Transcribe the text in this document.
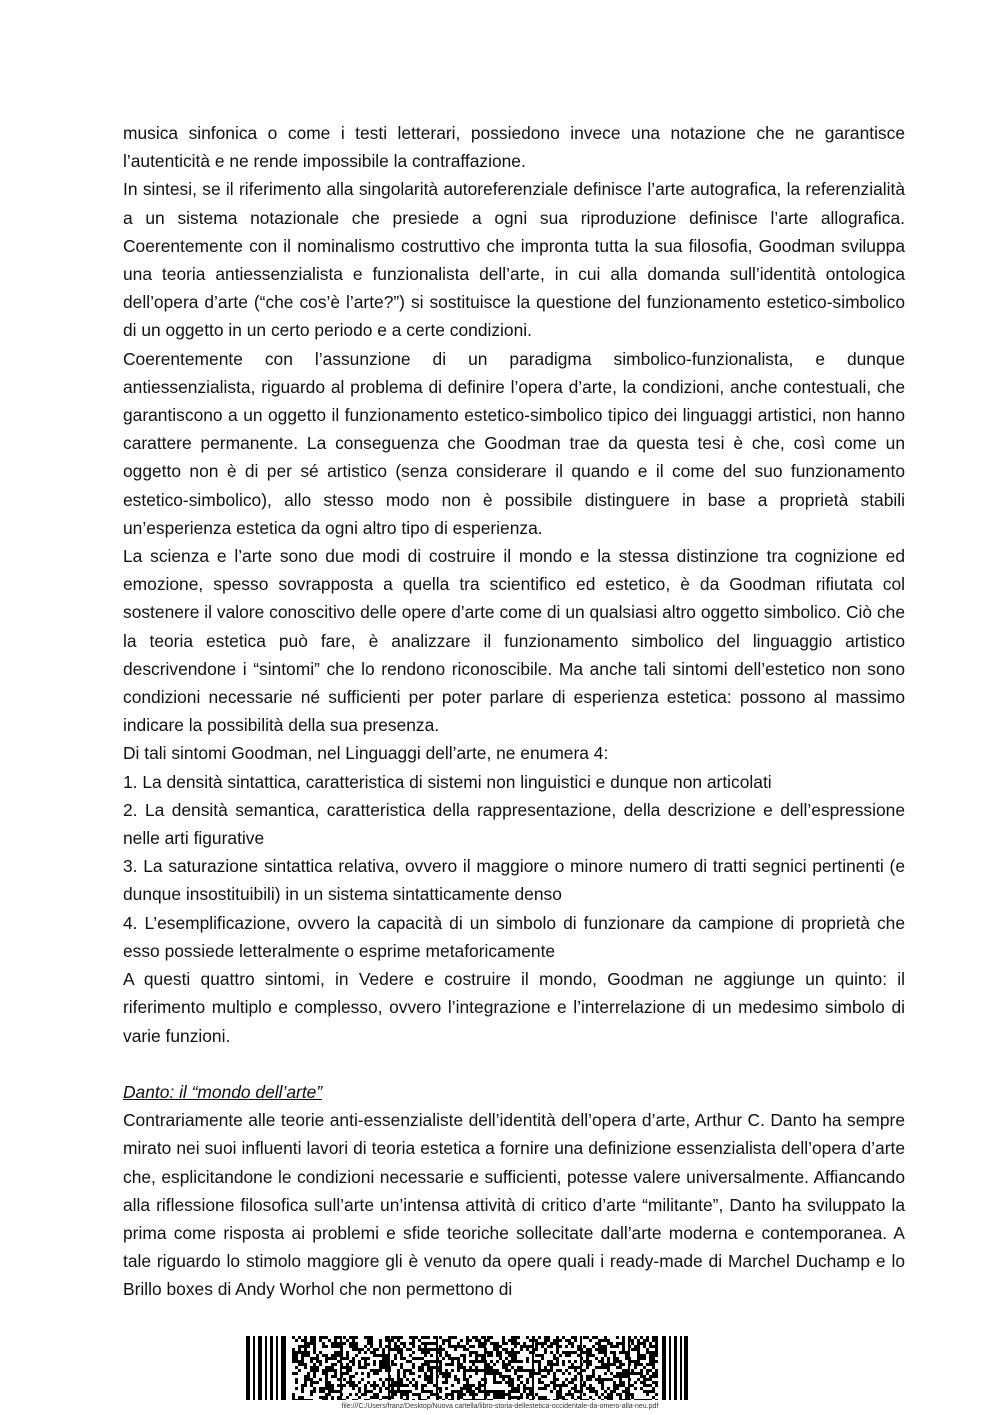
musica sinfonica o come i testi letterari, possiedono invece una notazione che ne garantisce l’autenticità e ne rende impossibile la contraffazione.

In sintesi, se il riferimento alla singolarità autoreferenziale definisce l’arte autografica, la referenzialità a un sistema notazionale che presiede a ogni sua riproduzione definisce l’arte allografica. Coerentemente con il nominalismo costruttivo che impronta tutta la sua filosofia, Goodman sviluppa una teoria antiessenzialista e funzionalista dell’arte, in cui alla domanda sull’identità ontologica dell’opera d’arte (“che cos’è l’arte?”) si sostituisce la questione del funzionamento estetico-simbolico di un oggetto in un certo periodo e a certe condizioni.

Coerentemente con l’assunzione di un paradigma simbolico-funzionalista, e dunque antiessenzialista, riguardo al problema di definire l’opera d’arte, la condizioni, anche contestuali, che garantiscono a un oggetto il funzionamento estetico-simbolico tipico dei linguaggi artistici, non hanno carattere permanente. La conseguenza che Goodman trae da questa tesi è che, così come un oggetto non è di per sé artistico (senza considerare il quando e il come del suo funzionamento estetico-simbolico), allo stesso modo non è possibile distinguere in base a proprietà stabili un’esperienza estetica da ogni altro tipo di esperienza.

La scienza e l’arte sono due modi di costruire il mondo e la stessa distinzione tra cognizione ed emozione, spesso sovrapposta a quella tra scientifico ed estetico, è da Goodman rifiutata col sostenere il valore conoscitivo delle opere d’arte come di un qualsiasi altro oggetto simbolico. Ciò che la teoria estetica può fare, è analizzare il funzionamento simbolico del linguaggio artistico descrivendone i “sintomi” che lo rendono riconoscibile. Ma anche tali sintomi dell’estetico non sono condizioni necessarie né sufficienti per poter parlare di esperienza estetica: possono al massimo indicare la possibilità della sua presenza.

Di tali sintomi Goodman, nel Linguaggi dell’arte, ne enumera 4:

1. La densità sintattica, caratteristica di sistemi non linguistici e dunque non articolati

2. La densità semantica, caratteristica della rappresentazione, della descrizione e dell’espressione nelle arti figurative

3. La saturazione sintattica relativa, ovvero il maggiore o minore numero di tratti segnici pertinenti (e dunque insostituibili) in un sistema sintatticamente denso

4. L’esemplificazione, ovvero la capacità di un simbolo di funzionare da campione di proprietà che esso possiede letteralmente o esprime metaforicamente

A questi quattro sintomi, in Vedere e costruire il mondo, Goodman ne aggiunge un quinto: il riferimento multiplo e complesso, ovvero l’integrazione e l’interrelazione di un medesimo simbolo di varie funzioni.

Danto: il “mondo dell’arte”

Contrariamente alle teorie anti-essenzialiste dell’identità dell’opera d’arte, Arthur C. Danto ha sempre mirato nei suoi influenti lavori di teoria estetica a fornire una definizione essenzialista dell’opera d’arte che, esplicitandone le condizioni necessarie e sufficienti, potesse valere universalmente. Affiancando alla riflessione filosofica sull’arte un’intensa attività di critico d’arte “militante”, Danto ha sviluppato la prima come risposta ai problemi e sfide teoriche sollecitate dall’arte moderna e contemporanea. A tale riguardo lo stimolo maggiore gli è venuto da opere quali i ready-made di Marchel Duchamp e lo Brillo boxes di Andy Worhol che non permettono di

file:///C:/Users/franz/Desktop/Nuova cartella/libro-storia-dellestetica-occidentale-da-omero-alla-neu.pdf
